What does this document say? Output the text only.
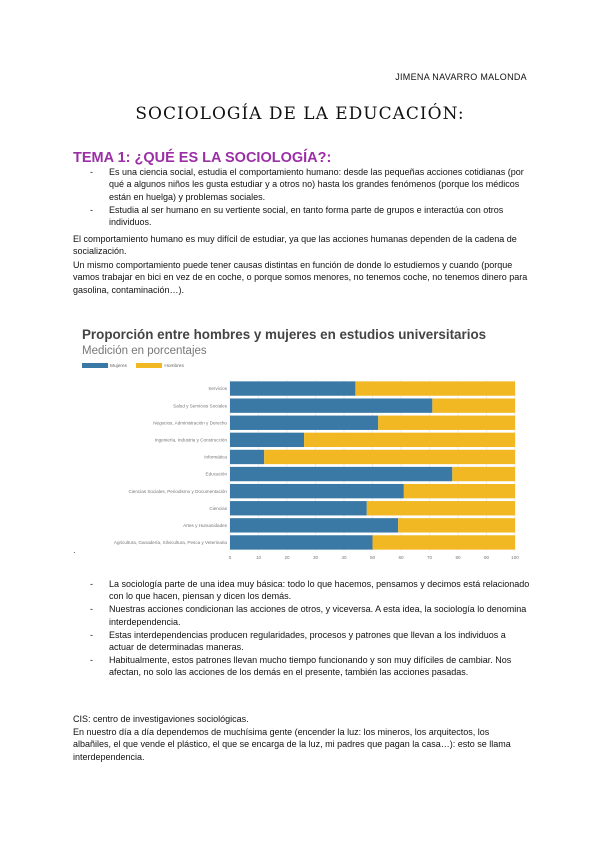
JIMENA NAVARRO MALONDA
SOCIOLOGÍA DE LA EDUCACIÓN:
TEMA 1: ¿QUÉ ES LA SOCIOLOGÍA?:
- Es una ciencia social, estudia el comportamiento humano: desde las pequeñas acciones cotidianas (por qué a algunos niños les gusta estudiar y a otros no) hasta los grandes fenómenos (porque los médicos están en huelga) y problemas sociales.
- Estudia al ser humano en su vertiente social, en tanto forma parte de grupos e interactúa con otros individuos.

El comportamiento humano es muy difícil de estudiar, ya que las acciones humanas dependen de la cadena de socialización.

Un mismo comportamiento puede tener causas distintas en función de donde lo estudiemos y cuando (porque vamos trabajar en bici en vez de en coche, o porque somos menores, no tenemos coche, no tenemos dinero para gasolina, contaminación…).

Proporción entre hombres y mujeres en estudios universitarios
Medición en porcentajes
Mujeres	Hombres
0	10	20	30	40	50	60	70	80	90	100
Servicios
Salud y Servicios Sociales
Negocios, Administración y Derecho
Ingeniería, Industria y Construcción
Informática
Educación
Ciencias Sociales, Periodismo y Documentación
Ciencias
Artes y Humanidades
Agricultura, Ganadería, Silvicultura, Pesca y Veterinaria
·
- La sociología parte de una idea muy básica: todo lo que hacemos, pensamos y decimos está relacionado con lo que hacen, piensan y dicen los demás.
- Nuestras acciones condicionan las acciones de otros, y viceversa. A esta idea, la sociología lo denomina interdependencia.
- Estas interdependencias producen regularidades, procesos y patrones que llevan a los individuos a actuar de determinadas maneras.
- Habitualmente, estos patrones llevan mucho tiempo funcionando y son muy difíciles de cambiar. Nos afectan, no solo las acciones de los demás en el presente, también las acciones pasadas.

CIS: centro de investigaviones sociológicas.

En nuestro día a día dependemos de muchísima gente (encender la luz: los mineros, los arquitectos, los albañiles, el que vende el plástico, el que se encarga de la luz, mi padres que pagan la casa…): esto se llama interdependencia.
